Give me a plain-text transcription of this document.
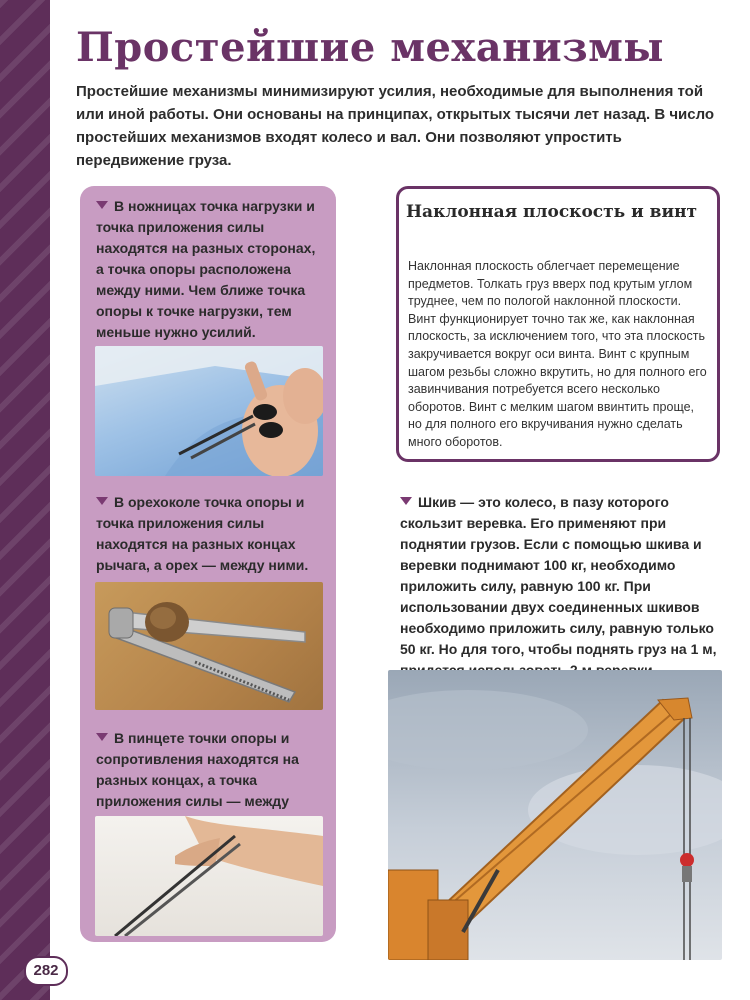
Простейшие механизмы

Простейшие механизмы минимизируют усилия, необходимые для выполнения той или иной работы. Они основаны на принципах, открытых тысячи лет назад. В число простейших механизмов входят колесо и вал. Они позволяют упростить передвижение груза.

В ножницах точка нагрузки и точка приложения силы находятся на разных сторонах, а точка опоры расположена между ними. Чем ближе точка опоры к точке нагрузки, тем меньше нужно усилий.

В орехоколе точка опоры и точка приложения силы находятся на разных концах рычага, а орех — между ними.

В пинцете точки опоры и сопротивления находятся на разных концах, а точка приложения силы — между

Наклонная плоскость и винт

Наклонная плоскость облегчает перемещение предметов. Толкать груз вверх под крутым углом труднее, чем по пологой наклонной плоскости. Винт функционирует точно так же, как наклонная плоскость, за исключением того, что эта плоскость закручивается вокруг оси винта. Винт с крупным шагом резьбы сложно вкрутить, но для полного его завинчивания потребуется всего несколько оборотов. Винт с мелким шагом ввинтить проще, но для полного его вкручивания нужно сделать много оборотов.

Шкив — это колесо, в пазу которого скользит веревка. Его применяют при поднятии грузов. Если с помощью шкива и веревки поднимают 100 кг, необходимо приложить силу, равную 100 кг. При использовании двух соединенных шкивов необходимо приложить силу, равную только 50 кг. Но для того, чтобы поднять груз на 1 м,

282
